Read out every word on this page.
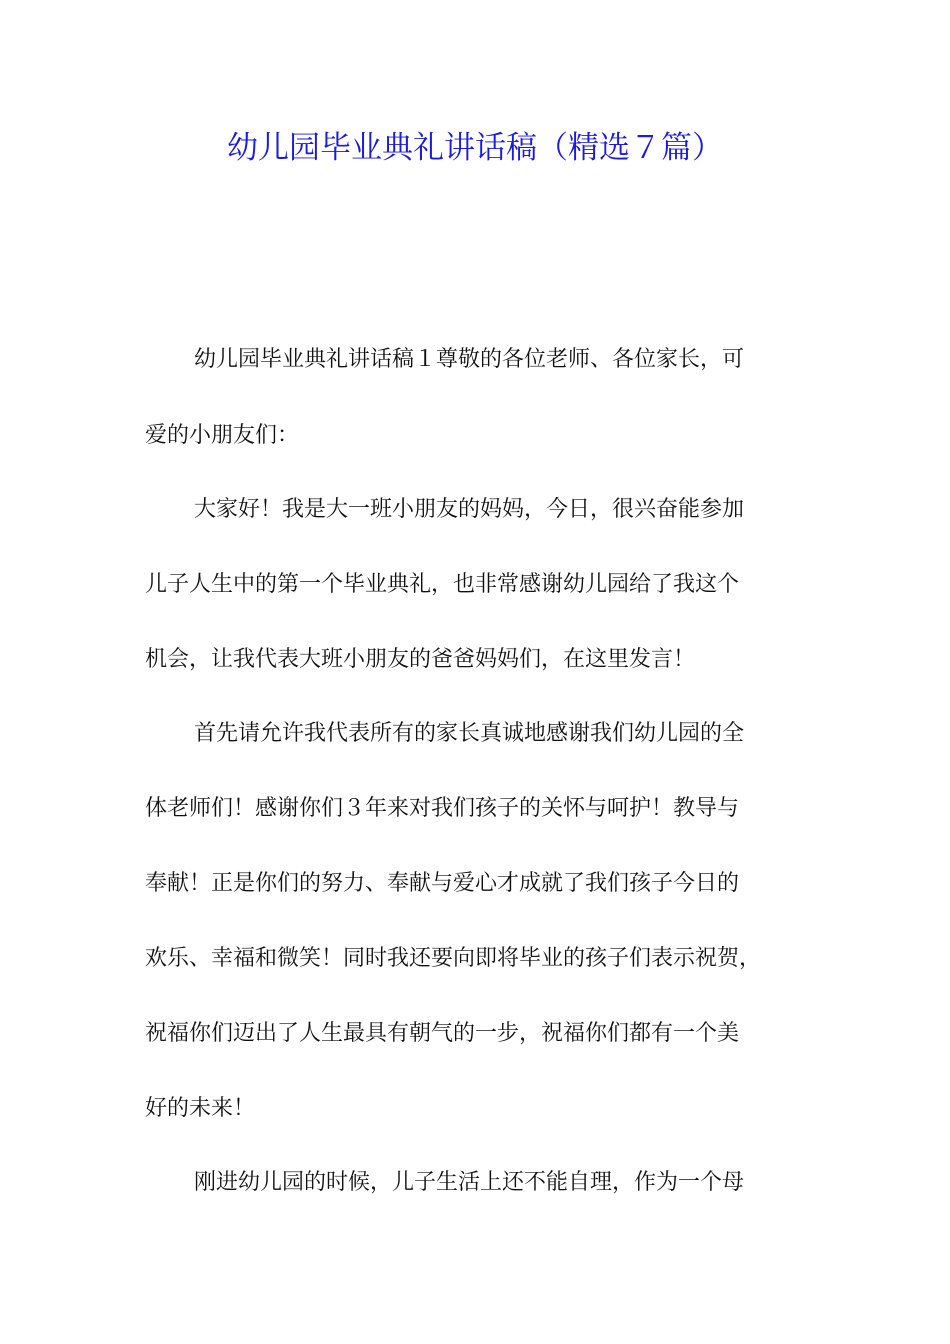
幼儿园毕业典礼讲话稿（精选７篇）

幼儿园毕业典礼讲话稿１尊敬的各位老师、各位家长，可

爱的小朋友们：

大家好！我是大一班小朋友的妈妈，今日，很兴奋能参加

儿子人生中的第一个毕业典礼，也非常感谢幼儿园给了我这个

机会，让我代表大班小朋友的爸爸妈妈们，在这里发言！

首先请允许我代表所有的家长真诚地感谢我们幼儿园的全

体老师们！感谢你们３年来对我们孩子的关怀与呵护！教导与

奉献！正是你们的努力、奉献与爱心才成就了我们孩子今日的

欢乐、幸福和微笑！同时我还要向即将毕业的孩子们表示祝贺，

祝福你们迈出了人生最具有朝气的一步，祝福你们都有一个美

好的未来！

刚进幼儿园的时候，儿子生活上还不能自理，作为一个母
